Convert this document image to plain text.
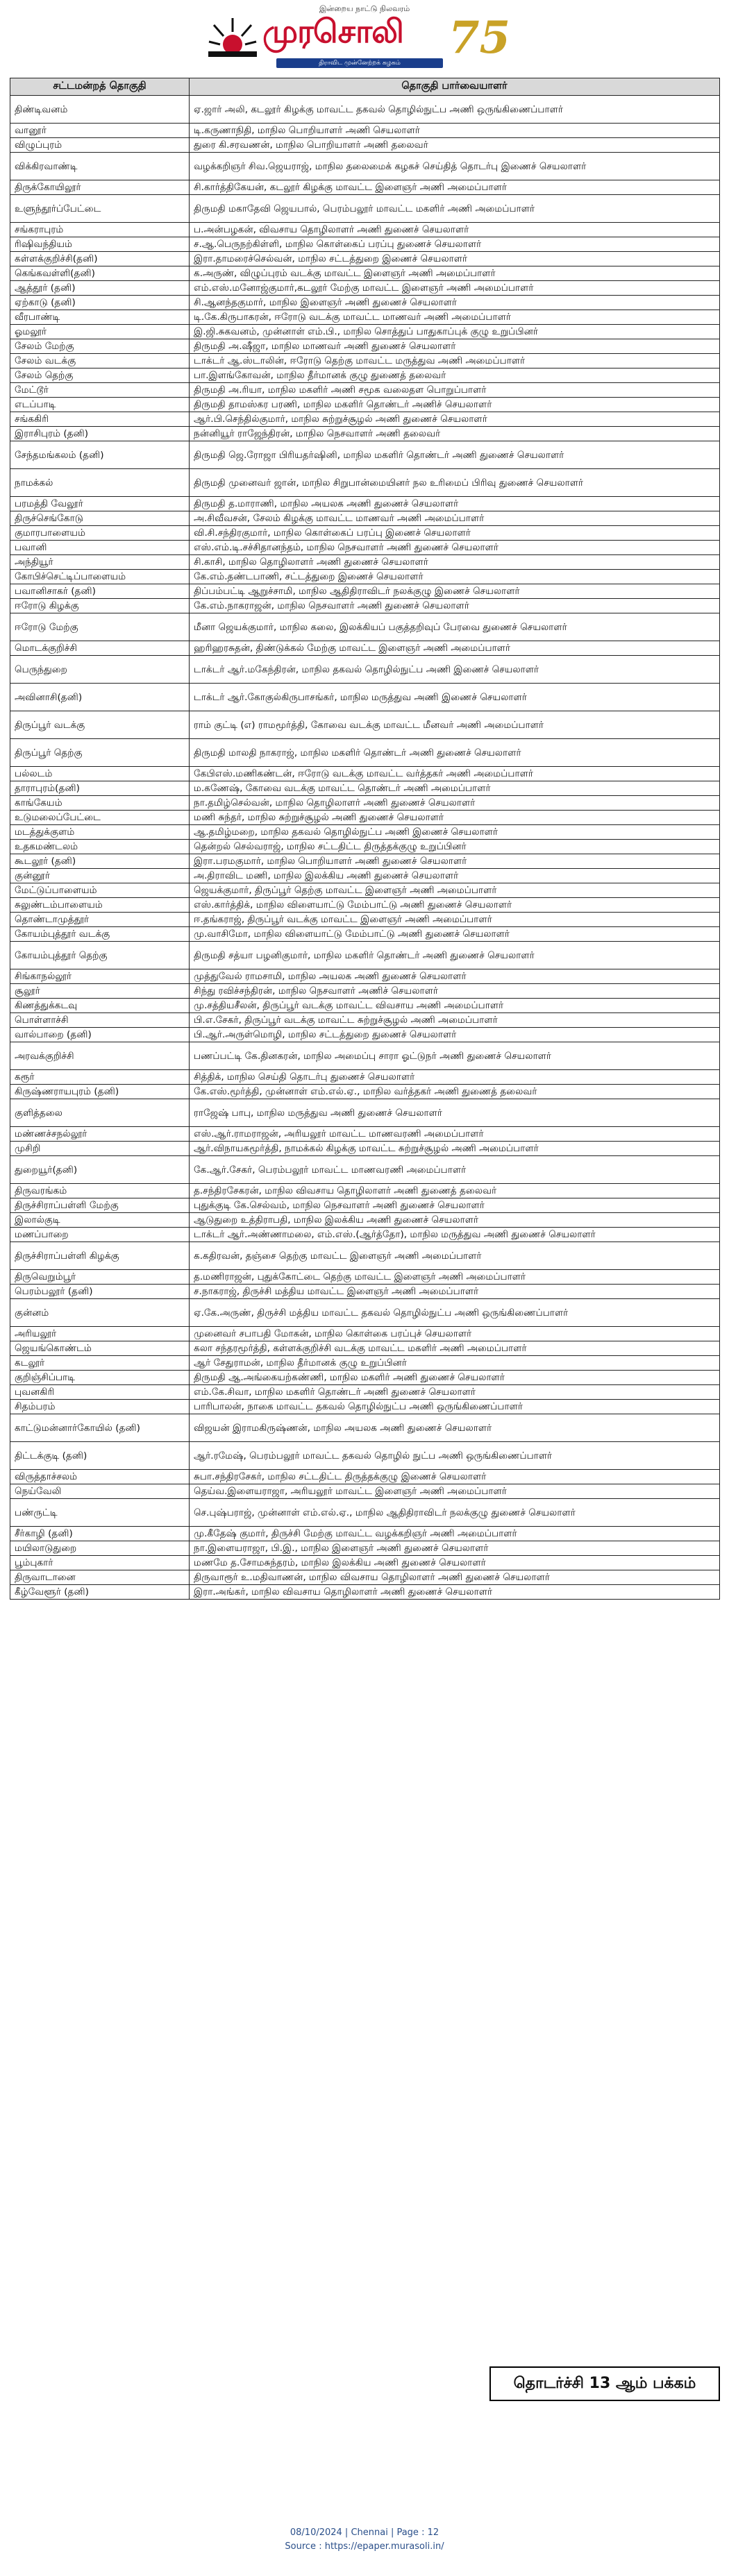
இன்றைய நாட்டு நிலவரம்
முரசொலி 75
திராவிட முன்னேற்றக் கழகம்
சட்டமன்றத் தொகுதி	தொகுதி பார்வையாளர்
திண்டிவனம்	ஏ.ஜார் அலி, கடலூர் கிழக்கு மாவட்ட தகவல் தொழில்நுட்ப அணி ஒருங்கிணைப்பாளர்
வானூர்	டி.கருணாநிதி, மாநில பொறியாளர் அணி செயலாளர்
விழுப்புரம்	துரை கி.சரவணன், மாநில பொறியாளர் அணி தலைவர்
விக்கிரவாண்டி	வழக்கறிஞர் சிவ.ஜெயராஜ், மாநில தலைமைக் கழகச் செய்தித் தொடர்பு இணைச் செயலாளர்
திருக்கோயிலூர்	சி.கார்த்திகேயன், கடலூர் கிழக்கு மாவட்ட இளைஞர் அணி அமைப்பாளர்
உளுந்தூர்ப்பேட்டை	திருமதி மகாதேவி ஜெயபால், பெரம்பலூர் மாவட்ட மகளிர் அணி அமைப்பாளர்
சங்கராபுரம்	ப.அன்பழகன், விவசாய தொழிலாளர் அணி துணைச் செயலாளர்
ரிஷிவந்தியம்	ச.ஆ.பெருநற்கிள்ளி, மாநில கொள்கைப் பரப்பு துணைச் செயலாளர்
கள்ளக்குறிச்சி(தனி)	இரா.தாமரைச்செல்வன், மாநில சட்டத்துறை இணைச் செயலாளர்
கெங்கவள்ளி(தனி)	க.அருண், விழுப்புரம் வடக்கு மாவட்ட இளைஞர் அணி அமைப்பாளர்
ஆத்தூர் (தனி)	எம்.எஸ்.மனோஜ்குமார்,கடலூர் மேற்கு மாவட்ட இளைஞர் அணி அமைப்பாளர்
ஏற்காடு (தனி)	சி.ஆனந்தகுமார், மாநில இளைஞர் அணி துணைச் செயலாளர்
வீரபாண்டி	டி.கே.கிருபாகரன், ஈரோடு வடக்கு மாவட்ட மாணவர் அணி அமைப்பாளர்
ஓமலூர்	இ.ஜி.சுகவனம், முன்னாள் எம்.பி., மாநில சொத்துப் பாதுகாப்புக் குழு உறுப்பினர்
சேலம் மேற்கு	திருமதி அ.ஷீஜா, மாநில மாணவர் அணி துணைச் செயலாளர்
சேலம் வடக்கு	டாக்டர் ஆ.ஸ்டாலின், ஈரோடு தெற்கு மாவட்ட மருத்துவ அணி அமைப்பாளர்
சேலம் தெற்கு	பா.இளங்கோவன், மாநில தீர்மானக் குழு துணைத் தலைவர்
மேட்டூர்	திருமதி அ.ரியா, மாநில மகளிர் அணி சமூக வலைதள பொறுப்பாளர்
எடப்பாடி	திருமதி தாமஸ்கர பரணி, மாநில மகளிர் தொண்டர் அணிச் செயலாளர்
சங்ககிரி	ஆர்.பி.செந்தில்குமார், மாநில சுற்றுச்சூழல் அணி துணைச் செயலாளர்
இராசிபுரம் (தனி)	நன்னியூர் ராஜேந்திரன், மாநில நெசவாளர் அணி தலைவர்
சேந்தமங்கலம் (தனி)	திருமதி ஜெ.ரோஜா பிரியதர்ஷினி, மாநில மகளிர் தொண்டர் அணி துணைச் செயலாளர்
நாமக்கல்	திருமதி முனைவர் ஜான், மாநில சிறுபான்மையினர் நல உரிமைப் பிரிவு துணைச் செயலாளர்
பரமத்தி வேலூர்	திருமதி த.மாராணி, மாநில அயலக அணி துணைச் செயலாளர்
திருச்செங்கோடு	அ.சிவீவசன், சேலம் கிழக்கு மாவட்ட மாணவர் அணி அமைப்பாளர்
குமாரபாளையம்	வி.சி.சந்திரகுமார், மாநில கொள்கைப் பரப்பு இணைச் செயலாளர்
பவானி	எஸ்.எம்.டி.சச்சிதானந்தம், மாநில நெசவாளர் அணி துணைச் செயலாளர்
அந்தியூர்	சி.காசி, மாநில தொழிலாளர் அணி துணைச் செயலாளர்
கோபிச்செட்டிப்பாளையம்	கே.எம்.தண்டபாணி, சட்டத்துறை இணைச் செயலாளர்
பவானிசாகர் (தனி)	திப்பம்பட்டி ஆறுச்சாமி, மாநில ஆதிதிராவிடர் நலக்குழு இணைச் செயலாளர்
ஈரோடு கிழக்கு	கே.எம்.நாகராஜன், மாநில நெசவாளர் அணி துணைச் செயலாளர்
ஈரோடு மேற்கு	மீனா ஜெயக்குமார், மாநில கலை, இலக்கியப் பகுத்தறிவுப் பேரவை துணைச் செயலாளர்
மொடக்குறிச்சி	ஹரிஹரசுதன், திண்டுக்கல் மேற்கு மாவட்ட இளைஞர் அணி அமைப்பாளர்
பெருந்துறை	டாக்டர் ஆர்.மகேந்திரன், மாநில தகவல் தொழில்நுட்ப அணி இணைச் செயலாளர்
அவினாசி(தனி)	டாக்டர் ஆர்.கோகுல்கிருபாசங்கர், மாநில மருத்துவ அணி இணைச் செயலாளர்
திருப்பூர் வடக்கு	ராம் குட்டி (எ) ராமமூர்த்தி, கோவை வடக்கு மாவட்ட மீனவர் அணி அமைப்பாளர்
திருப்பூர் தெற்கு	திருமதி மாலதி நாகராஜ், மாநில மகளிர் தொண்டர் அணி துணைச் செயலாளர்
பல்லடம்	கேபிஎஸ்.மணிகண்டன், ஈரோடு வடக்கு மாவட்ட வர்த்தகர் அணி அமைப்பாளர்
தாராபுரம்(தனி)	ம.கணேஷ், கோவை வடக்கு மாவட்ட தொண்டர் அணி அமைப்பாளர்
காங்கேயம்	நா.தமிழ்செல்வன், மாநில தொழிலாளர் அணி துணைச் செயலாளர்
உடுமலைப்பேட்டை	மணி சுந்தர், மாநில சுற்றுச்சூழல் அணி துணைச் செயலாளர்
மடத்துக்குளம்	ஆ.தமிழ்மறை, மாநில தகவல் தொழில்நுட்ப அணி இணைச் செயலாளர்
உதகமண்டலம்	தென்றல் செல்வராஜ், மாநில சட்டதிட்ட திருத்தக்குழு உறுப்பினர்
கூடலூர் (தனி)	இரா.பரமகுமார், மாநில பொறியாளர் அணி துணைச் செயலாளர்
குன்னூர்	அ.திராவிட மணி, மாநில இலக்கிய அணி துணைச் செயலாளர்
மேட்டுப்பாளையம்	ஜெயக்குமார், திருப்பூர் தெற்கு மாவட்ட இளைஞர் அணி அமைப்பாளர்
சுலுண்டம்பாளையம்	எஸ்.கார்த்திக், மாநில விளையாட்டு மேம்பாட்டு அணி துணைச் செயலாளர்
தொண்டாமுத்தூர்	ஈ.தங்கராஜ், திருப்பூர் வடக்கு மாவட்ட இளைஞர் அணி அமைப்பாளர்
கோயம்புத்தூர் வடக்கு	மு.வாசிமோ, மாநில விளையாட்டு மேம்பாட்டு அணி துணைச் செயலாளர்
கோயம்புத்தூர் தெற்கு	திருமதி சத்யா பழனிகுமார், மாநில மகளிர் தொண்டர் அணி துணைச் செயலாளர்
சிங்காநல்லூர்	முத்துவேல் ராமசாமி, மாநில அயலக அணி துணைச் செயலாளர்
சூலூர்	சிந்து ரவிச்சந்திரன், மாநில நெசவாளர் அணிச் செயலாளர்
கிணத்துக்கடவு	மு.சத்தியசீலன், திருப்பூர் வடக்கு மாவட்ட விவசாய அணி அமைப்பாளர்
பொள்ளாச்சி	பி.எ.சேகர், திருப்பூர் வடக்கு மாவட்ட சுற்றுச்சூழல் அணி அமைப்பாளர்
வால்பாறை (தனி)	பி.ஆர்.அருள்மொழி, மாநில சட்டத்துறை துணைச் செயலாளர்
அரவக்குறிச்சி	பணப்பட்டி கே.தினகரன், மாநில அமைப்பு சாரா ஓட்டுநர் அணி துணைச் செயலாளர்
கரூர்	சித்திக், மாநில செய்தி தொடர்பு துணைச் செயலாளர்
கிருஷ்ணராயபுரம் (தனி)	கே.எஸ்.மூர்த்தி, முன்னாள் எம்.எல்.ஏ., மாநில வர்த்தகர் அணி துணைத் தலைவர்
குளித்தலை	ராஜேஷ் பாபு, மாநில மருத்துவ அணி துணைச் செயலாளர்
மண்ணச்சநல்லூர்	எஸ்.ஆர்.ராமராஜன், அரியலூர் மாவட்ட மாணவரணி அமைப்பாளர்
முசிறி	ஆர்.விநாயகமூர்த்தி, நாமக்கல் கிழக்கு மாவட்ட சுற்றுச்சூழல் அணி அமைப்பாளர்
துறையூர்(தனி)	கே.ஆர்.சேகர், பெரம்பலூர் மாவட்ட மாணவரணி அமைப்பாளர்
திருவரங்கம்	த.சந்திரசேகரன், மாநில விவசாய தொழிலாளர் அணி துணைத் தலைவர்
திருச்சிராப்பள்ளி மேற்கு	புதுக்குடி கே.செல்வம், மாநில நெசவாளர் அணி துணைச் செயலாளர்
இலால்குடி	ஆடுதுறை உத்திராபதி, மாநில இலக்கிய அணி துணைச் செயலாளர்
மணப்பாறை	டாக்டர் ஆர்.அண்ணாமலை, எம்.எஸ்.(ஆர்த்தோ), மாநில மருத்துவ அணி துணைச் செயலாளர்
திருச்சிராப்பள்ளி கிழக்கு	க.கதிரவன், தஞ்சை தெற்கு மாவட்ட இளைஞர் அணி அமைப்பாளர்
திருவெறும்பூர்	த.மணிராஜன், புதுக்கோட்டை தெற்கு மாவட்ட இளைஞர் அணி அமைப்பாளர்
பெரம்பலூர் (தனி)	ச.நாகராஜ், திருச்சி மத்திய மாவட்ட இளைஞர் அணி அமைப்பாளர்
குன்னம்	ஏ.கே.அருண், திருச்சி மத்திய மாவட்ட தகவல் தொழில்நுட்ப அணி ஒருங்கிணைப்பாளர்
அரியலூர்	முனைவர் சபாபதி மோகன், மாநில கொள்கை பரப்புச் செயலாளர்
ஜெயங்கொண்டம்	கலா சந்தரமூர்த்தி, கள்ளக்குறிச்சி வடக்கு மாவட்ட மகளிர் அணி அமைப்பாளர்
கடலூர்	ஆர் சேதுராமன், மாநில தீர்மானக் குழு உறுப்பினர்
குறிஞ்சிப்பாடி	திருமதி ஆ.அங்கையற்கண்ணி, மாநில மகளிர் அணி துணைச் செயலாளர்
புவனகிரி	எம்.கே.சிவா, மாநில மகளிர் தொண்டர் அணி துணைச் செயலாளர்
சிதம்பரம்	பாரிபாலன், நாகை மாவட்ட தகவல் தொழில்நுட்ப அணி ஒருங்கிணைப்பாளர்
காட்டுமன்னார்கோயில் (தனி)	விஜயன் இராமகிருஷ்ணன், மாநில அயலக அணி துணைச் செயலாளர்
திட்டக்குடி (தனி)	ஆர்.ரமேஷ், பெரம்பலூர் மாவட்ட தகவல் தொழில் நுட்ப அணி ஒருங்கிணைப்பாளர்
விருத்தாச்சலம்	சுபா.சந்திரசேகர், மாநில சட்டதிட்ட திருத்தக்குழு இணைச் செயலாளர்
நெய்வேலி	தெய்வ.இளையராஜா, அரியலூர் மாவட்ட இளைஞர் அணி அமைப்பாளர்
பண்ருட்டி	செ.புஷ்பராஜ், முன்னாள் எம்.எல்.ஏ., மாநில ஆதிதிராவிடர் நலக்குழு துணைச் செயலாளர்
சீர்காழி (தனி)	மு.கீதேஷ் குமார், திருச்சி மேற்கு மாவட்ட வழக்கறிஞர் அணி அமைப்பாளர்
மயிலாடுதுறை	நா.இளையராஜா, பி.இ., மாநில இளைஞர் அணி துணைச் செயலாளர்
பூம்புகார்	மணமே த.சோமசுந்தரம், மாநில இலக்கிய அணி துணைச் செயலாளர்
திருவாடானை	திருவாரூர் உ.மதிவாணன், மாநில விவசாய தொழிலாளர் அணி துணைச் செயலாளர்
கீழ்வேளூர் (தனி)	இரா.அங்கர், மாநில விவசாய தொழிலாளர் அணி துணைச் செயலாளர்
தொடர்ச்சி 13 ஆம் பக்கம்
08/10/2024 | Chennai | Page : 12
Source : https://epaper.murasoli.in/
